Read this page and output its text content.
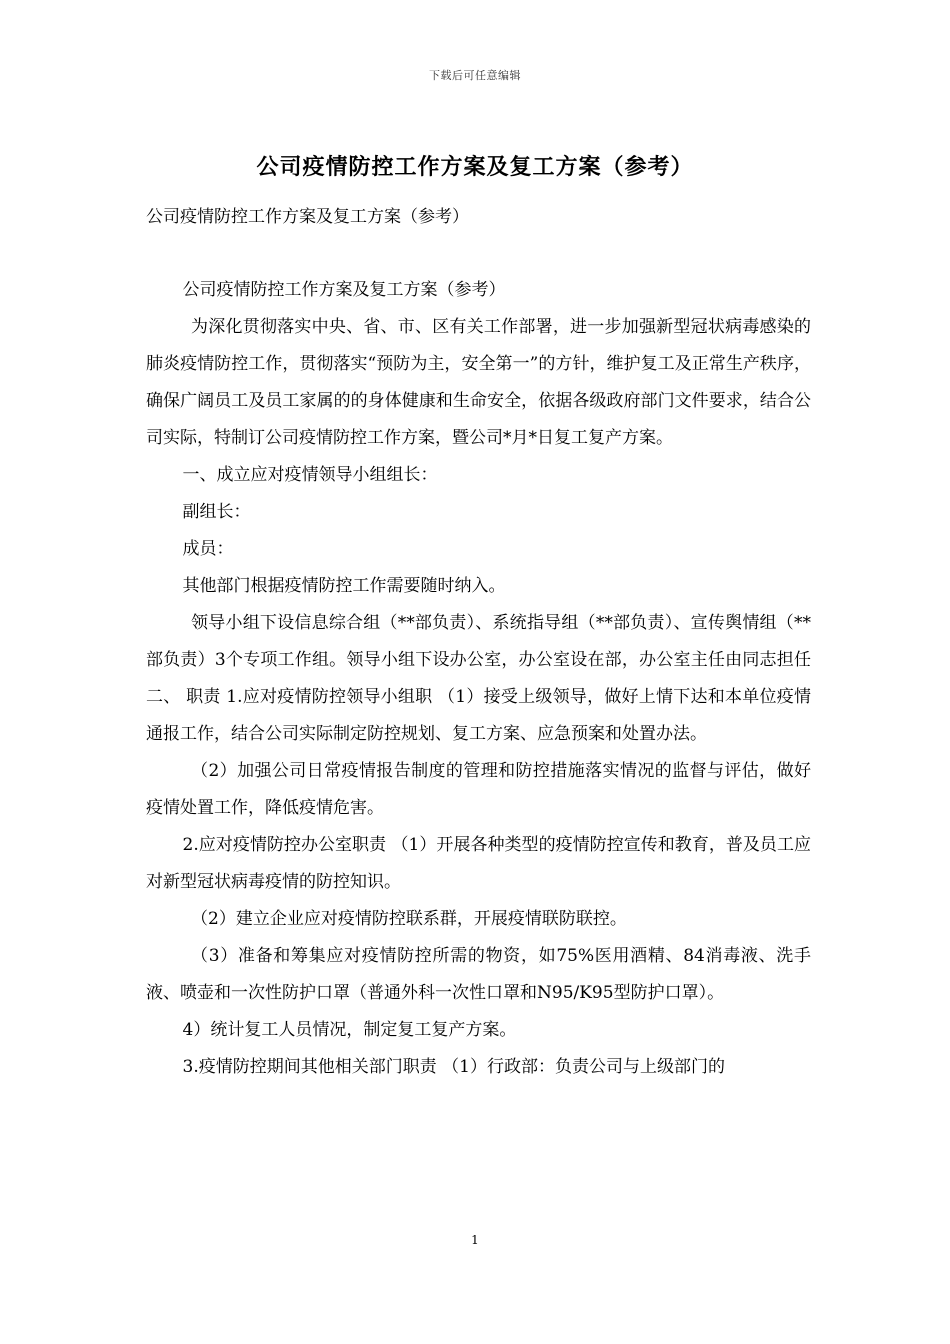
下载后可任意编辑
公司疫情防控工作方案及复工方案（参考）

公司疫情防控工作方案及复工方案（参考）

公司疫情防控工作方案及复工方案（参考）

为深化贯彻落实中央、省、市、区有关工作部署，进一步加强新型冠状病毒感染的肺炎疫情防控工作，贯彻落实“预防为主，安全第一”的方针，维护复工及正常生产秩序，确保广阔员工及员工家属的的身体健康和生命安全，依据各级政府部门文件要求，结合公司实际，特制订公司疫情防控工作方案，暨公司*月*日复工复产方案。

一、成立应对疫情领导小组组长：

副组长：

成员：

其他部门根据疫情防控工作需要随时纳入。

领导小组下设信息综合组（**部负责）、系统指导组（**部负责）、宣传舆情组（**部负责）3个专项工作组。领导小组下设办公室，办公室设在部，办公室主任由同志担任 二、 职责 1.应对疫情防控领导小组职 （1）接受上级领导，做好上情下达和本单位疫情通报工作，结合公司实际制定防控规划、复工方案、应急预案和处置办法。

（2）加强公司日常疫情报告制度的管理和防控措施落实情况的监督与评估，做好疫情处置工作，降低疫情危害。

2.应对疫情防控办公室职责 （1）开展各种类型的疫情防控宣传和教育，普及员工应对新型冠状病毒疫情的防控知识。

（2）建立企业应对疫情防控联系群，开展疫情联防联控。

（3）准备和筹集应对疫情防控所需的物资，如75%医用酒精、84消毒液、洗手液、喷壶和一次性防护口罩（普通外科一次性口罩和N95/K95型防护口罩）。

4）统计复工人员情况，制定复工复产方案。

3.疫情防控期间其他相关部门职责 （1）行政部：负责公司与上级部门的

1
